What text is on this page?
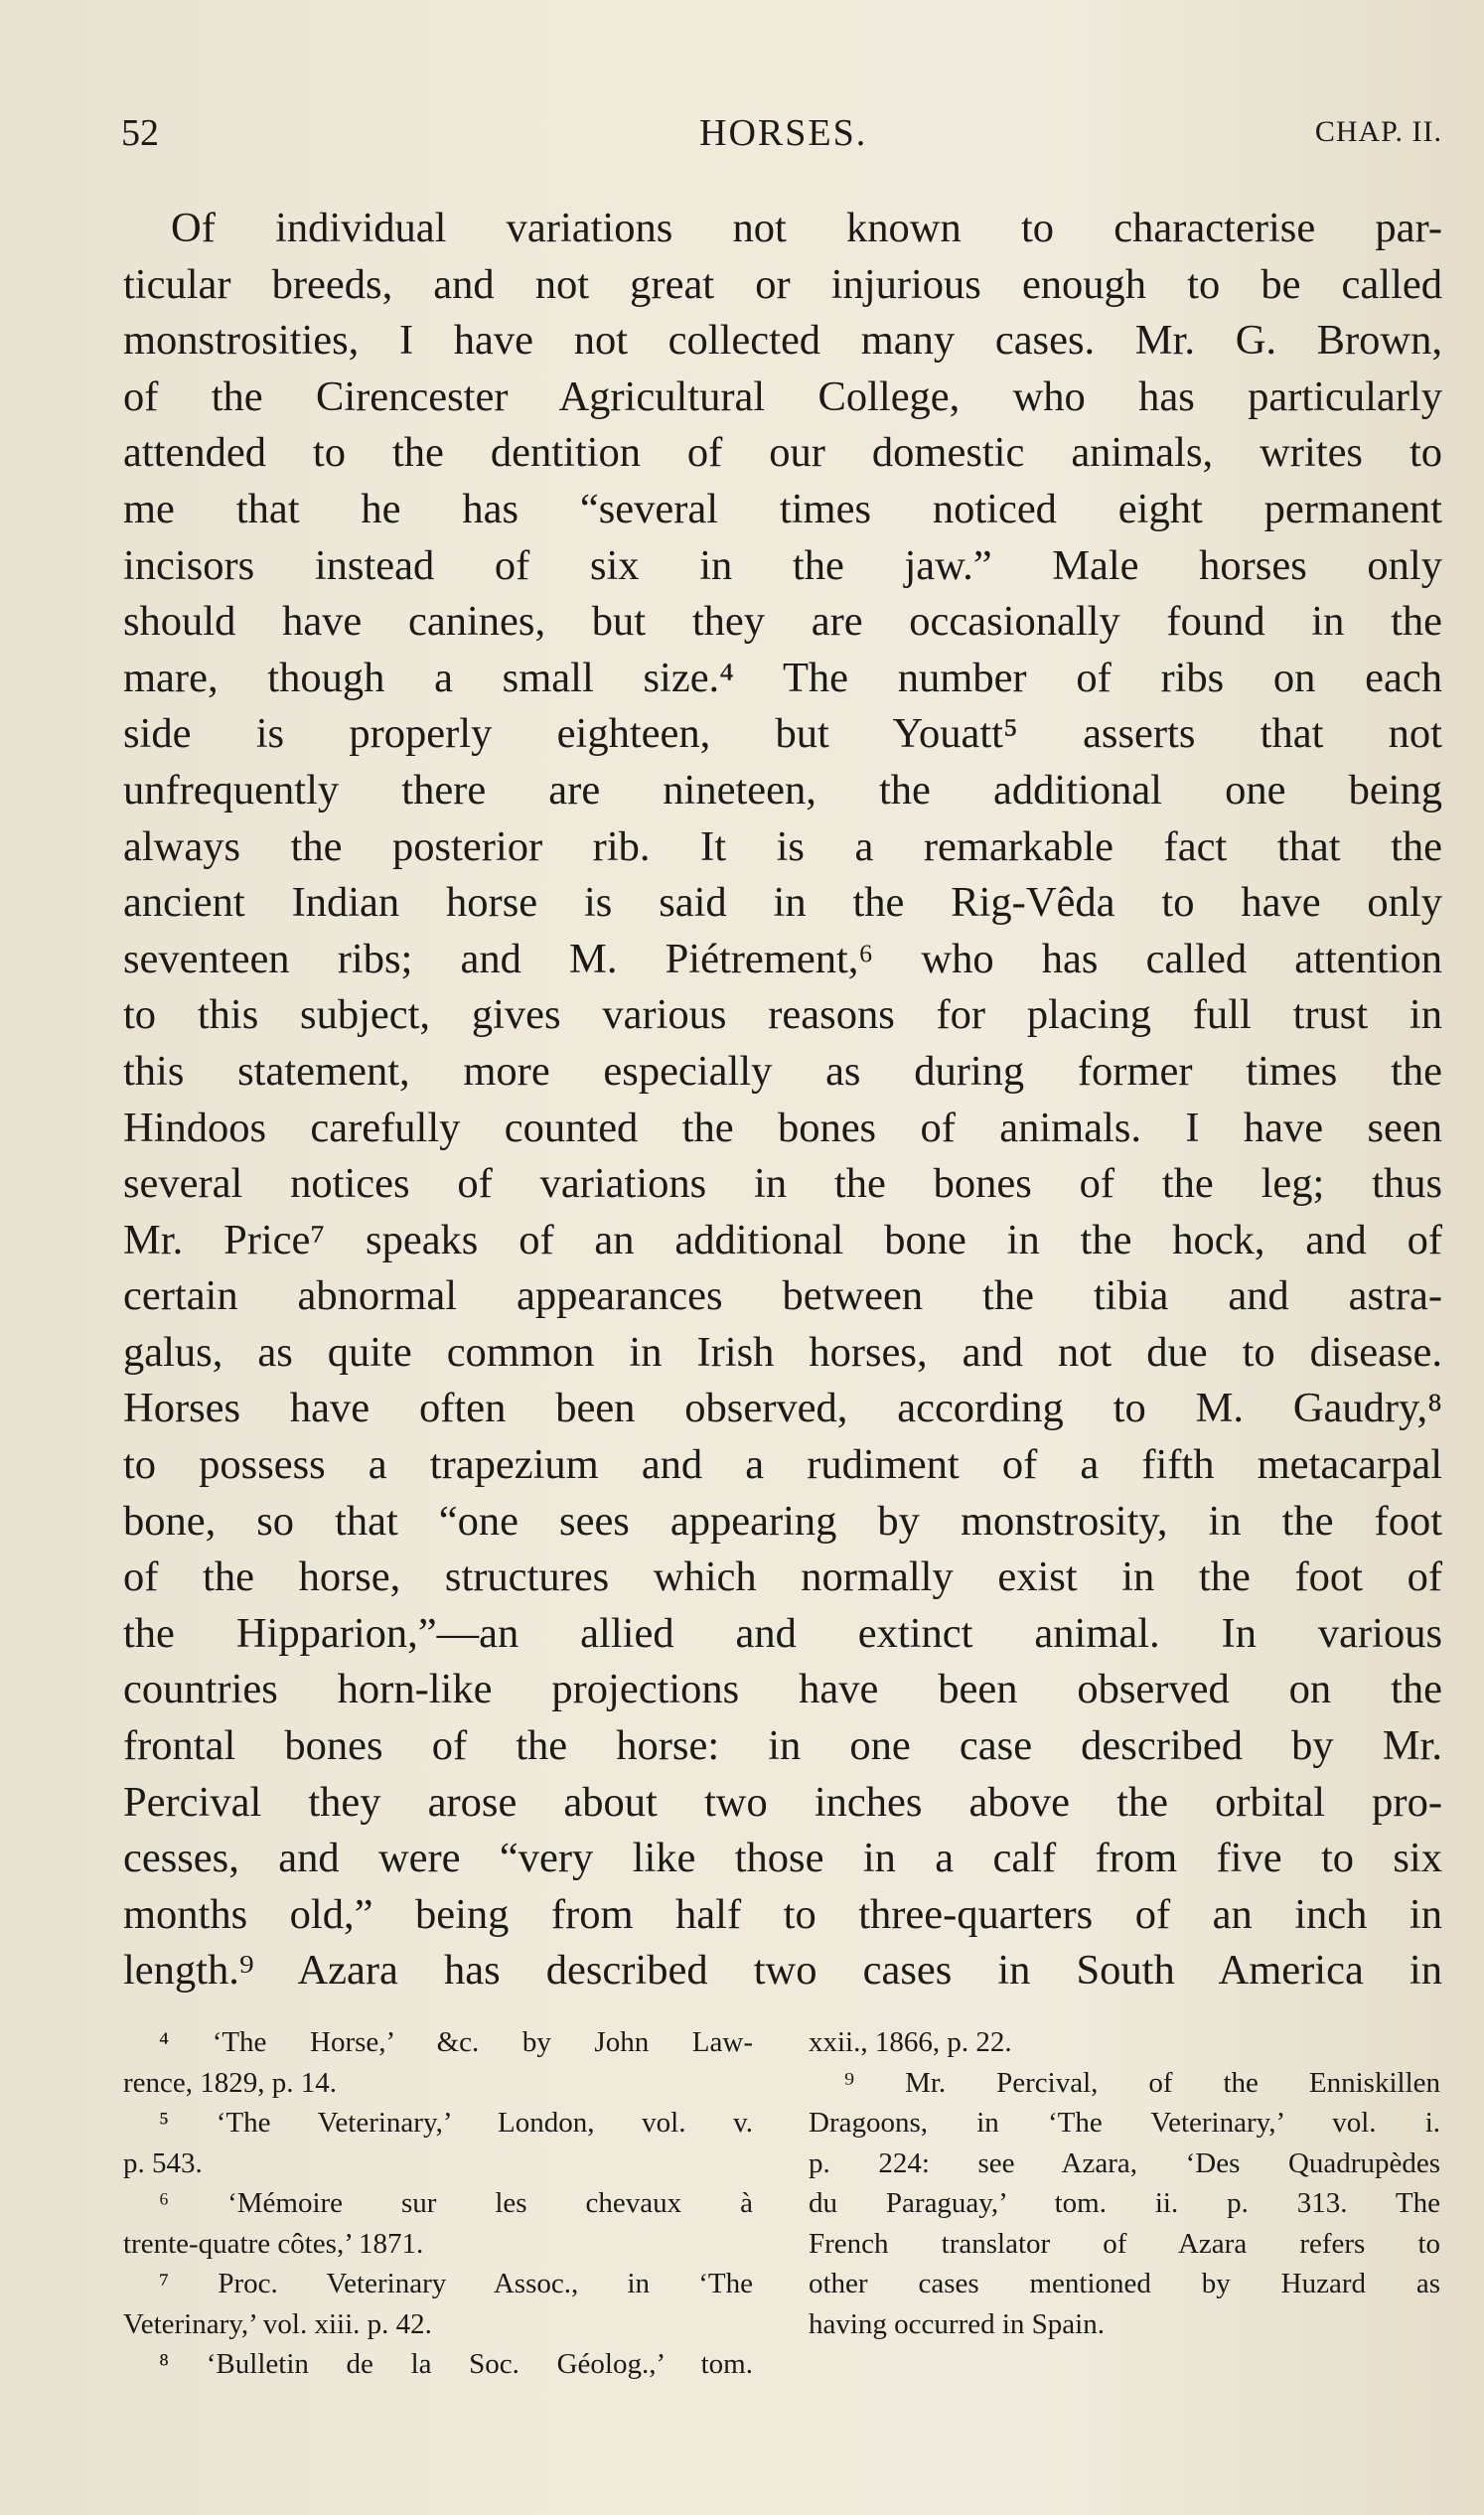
52	HORSES.	CHAP. II.
Of individual variations not known to characterise par-
ticular breeds, and not great or injurious enough to be called
monstrosities, I have not collected many cases. Mr. G. Brown,
of the Cirencester Agricultural College, who has particularly
attended to the dentition of our domestic animals, writes to
me that he has “several times noticed eight permanent
incisors instead of six in the jaw.” Male horses only
should have canines, but they are occasionally found in the
mare, though a small size.⁴ The number of ribs on each
side is properly eighteen, but Youatt⁵ asserts that not
unfrequently there are nineteen, the additional one being
always the posterior rib. It is a remarkable fact that the
ancient Indian horse is said in the Rig-Vêda to have only
seventeen ribs; and M. Piétrement,⁶ who has called attention
to this subject, gives various reasons for placing full trust in
this statement, more especially as during former times the
Hindoos carefully counted the bones of animals. I have seen
several notices of variations in the bones of the leg; thus
Mr. Price⁷ speaks of an additional bone in the hock, and of
certain abnormal appearances between the tibia and astra-
galus, as quite common in Irish horses, and not due to disease.
Horses have often been observed, according to M. Gaudry,⁸
to possess a trapezium and a rudiment of a fifth metacarpal
bone, so that “one sees appearing by monstrosity, in the foot
of the horse, structures which normally exist in the foot of
the Hipparion,”—an allied and extinct animal. In various
countries horn-like projections have been observed on the
frontal bones of the horse: in one case described by Mr.
Percival they arose about two inches above the orbital pro-
cesses, and were “very like those in a calf from five to six
months old,” being from half to three-quarters of an inch in
length.⁹ Azara has described two cases in South America in
⁴ ‘The Horse,’ &c. by John Law-
rence, 1829, p. 14.
⁵ ‘The Veterinary,’ London, vol. v.
p. 543.
⁶ ‘Mémoire sur les chevaux à
trente-quatre côtes,’ 1871.
⁷ Proc. Veterinary Assoc., in ‘The
Veterinary,’ vol. xiii. p. 42.
⁸ ‘Bulletin de la Soc. Géolog.,’ tom.
xxii., 1866, p. 22.
⁹ Mr. Percival, of the Enniskillen
Dragoons, in ‘The Veterinary,’ vol. i.
p. 224: see Azara, ‘Des Quadrupèdes
du Paraguay,’ tom. ii. p. 313. The
French translator of Azara refers to
other cases mentioned by Huzard as
having occurred in Spain.
